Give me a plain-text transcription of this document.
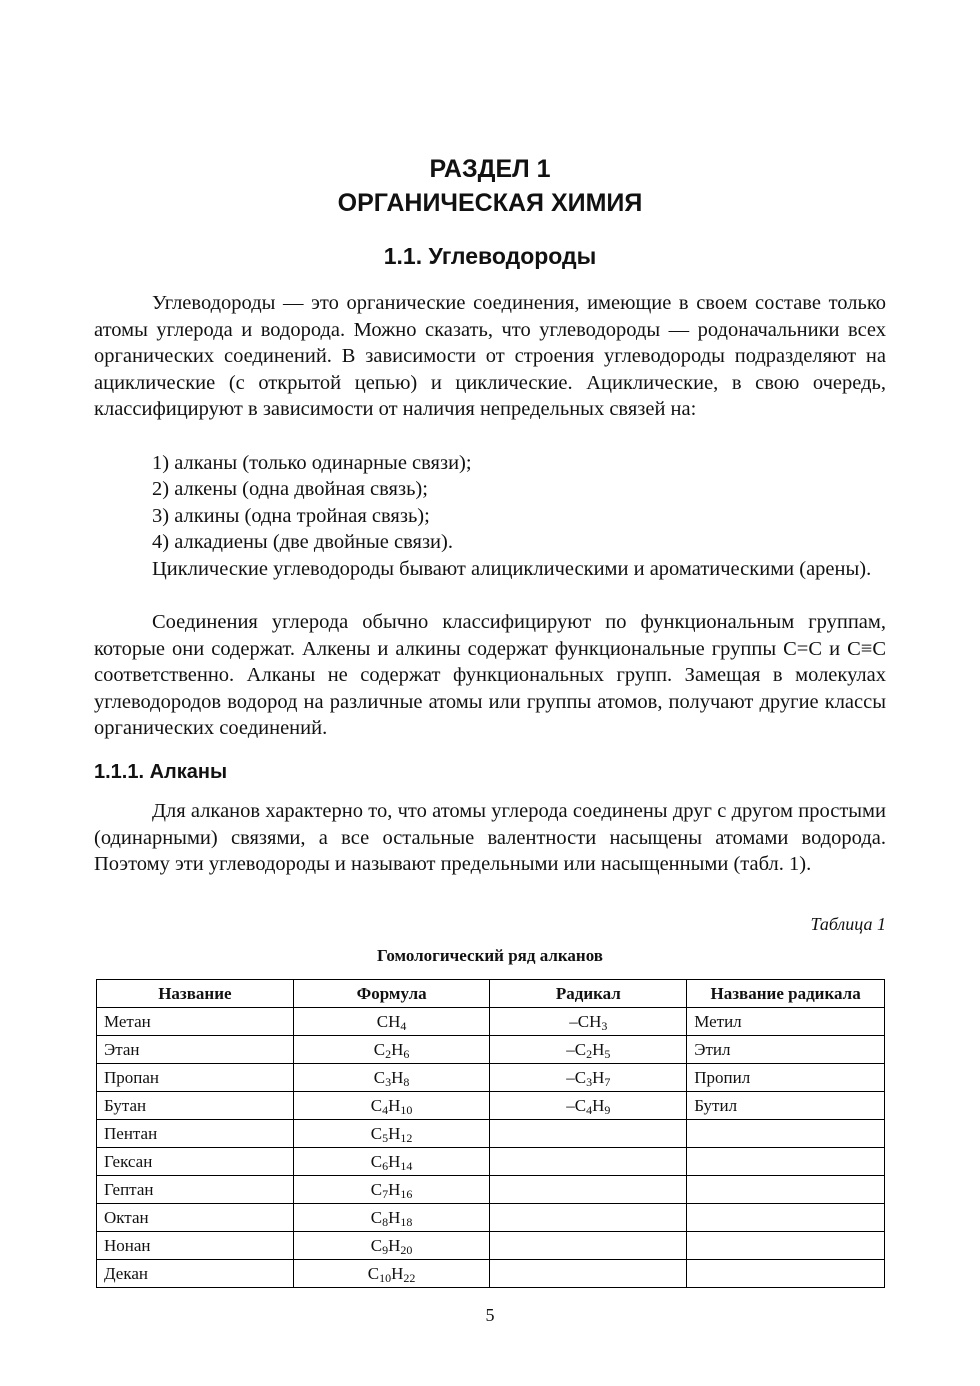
РАЗДЕЛ 1
ОРГАНИЧЕСКАЯ ХИМИЯ
1.1. Углеводороды

Углеводороды — это органические соединения, имеющие в своем составе только атомы углерода и водорода. Можно сказать, что углеводороды — родоначальники всех органических соединений. В зависимости от строения углеводороды подразделяют на ациклические (с открытой цепью) и циклические. Ациклические, в свою очередь, классифицируют в зависимости от наличия непредельных связей на:

1) алканы (только одинарные связи);
2) алкены (одна двойная связь);
3) алкины (одна тройная связь);
4) алкадиены (две двойные связи).

Циклические углеводороды бывают алициклическими и ароматическими (арены).

Соединения углерода обычно классифицируют по функциональным группам, которые они содержат. Алкены и алкины содержат функциональные группы C=C и C≡C соответственно. Алканы не содержат функциональных групп. Замещая в молекулах углеводородов водород на различные атомы или группы атомов, получают другие классы органических соединений.

1.1.1. Алканы

Для алканов характерно то, что атомы углерода соединены друг с другом простыми (одинарными) связями, а все остальные валентности насыщены атомами водорода. Поэтому эти углеводороды и называют предельными или насыщенными (табл. 1).

Таблица 1
Гомологический ряд алканов
Название	Формула	Радикал	Название радикала
Метан	$CH_4$	$-CH_3$	Метил
Этан	$C_2H_6$	$-C_2H_5$	Этил
Пропан	$C_3H_8$	$-C_3H_7$	Пропил
Бутан	$C_4H_{10}$	$-C_4H_9$	Бутил
Пентан	$C_5H_{12}$		
Гексан	$C_6H_{14}$		
Гептан	$C_7H_{16}$		
Октан	$C_8H_{18}$		
Нонан	$C_9H_{20}$		
Декан	$C_{10}H_{22}$		
5
